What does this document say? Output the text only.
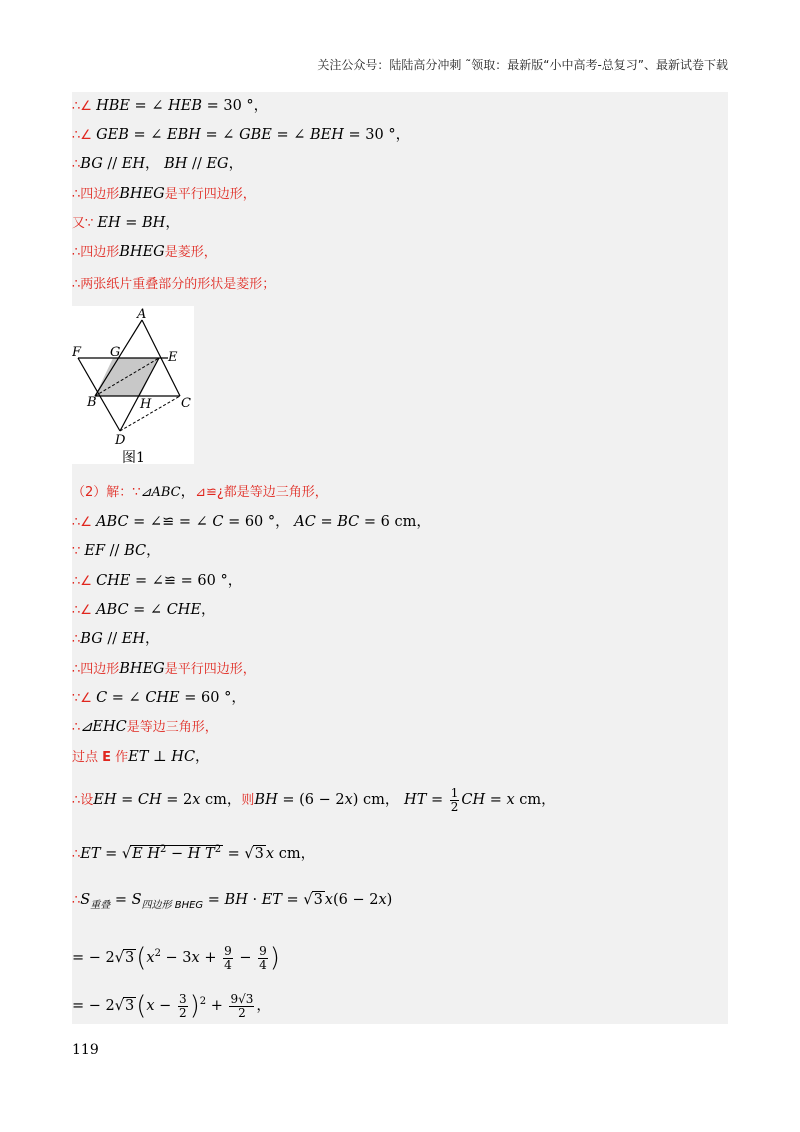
关注公众号：陆陆高分冲刺 ˜领取：最新版“小中高考-总复习”、最新试卷下载
∴∠ HBE = ∠ HEB = 30 °，
∴∠ GEB = ∠ EBH = ∠ GBE = ∠ BEH = 30 °，
∴BG // EH， BH // EG，
∴四边形BHEG是平行四边形，
又∵ EH = BH，
∴四边形BHEG是菱形，
∴两张纸片重叠部分的形状是菱形；
A
F G	E
B	H C
D
图1
（2）解：∵⊿ABC，⊿≌¿都是等边三角形，
∴∠ ABC = ∠≌ = ∠ C = 60 °， AC = BC = 6 cm，
∵ EF // BC，
∴∠ CHE = ∠≌ = 60 °，
∴∠ ABC = ∠ CHE，
∴BG // EH，
∴四边形BHEG是平行四边形，
∵∠ C = ∠ CHE = 60 °，
∴⊿EHC是等边三角形，
过点 E 作ET ⊥ HC，
∴设EH = CH = 2x cm，则BH = (6 − 2x) cm， HT = $\frac{1}{2}$ CH = x cm，
∴ET = √E $H^2 - H$ $T^2 = √3$ x cm，
$\therefore S_{重叠} = S_{四边形 BHEG}$ = BH · ET = √3 x(6 − 2x)
= − $2√3(x^2 - 3x + \frac{9}{4} - \frac{9}{4}$ )
= − $2√3(x - \frac{3}{2} )^2 + \frac{9√3}{2}$ ，
119
